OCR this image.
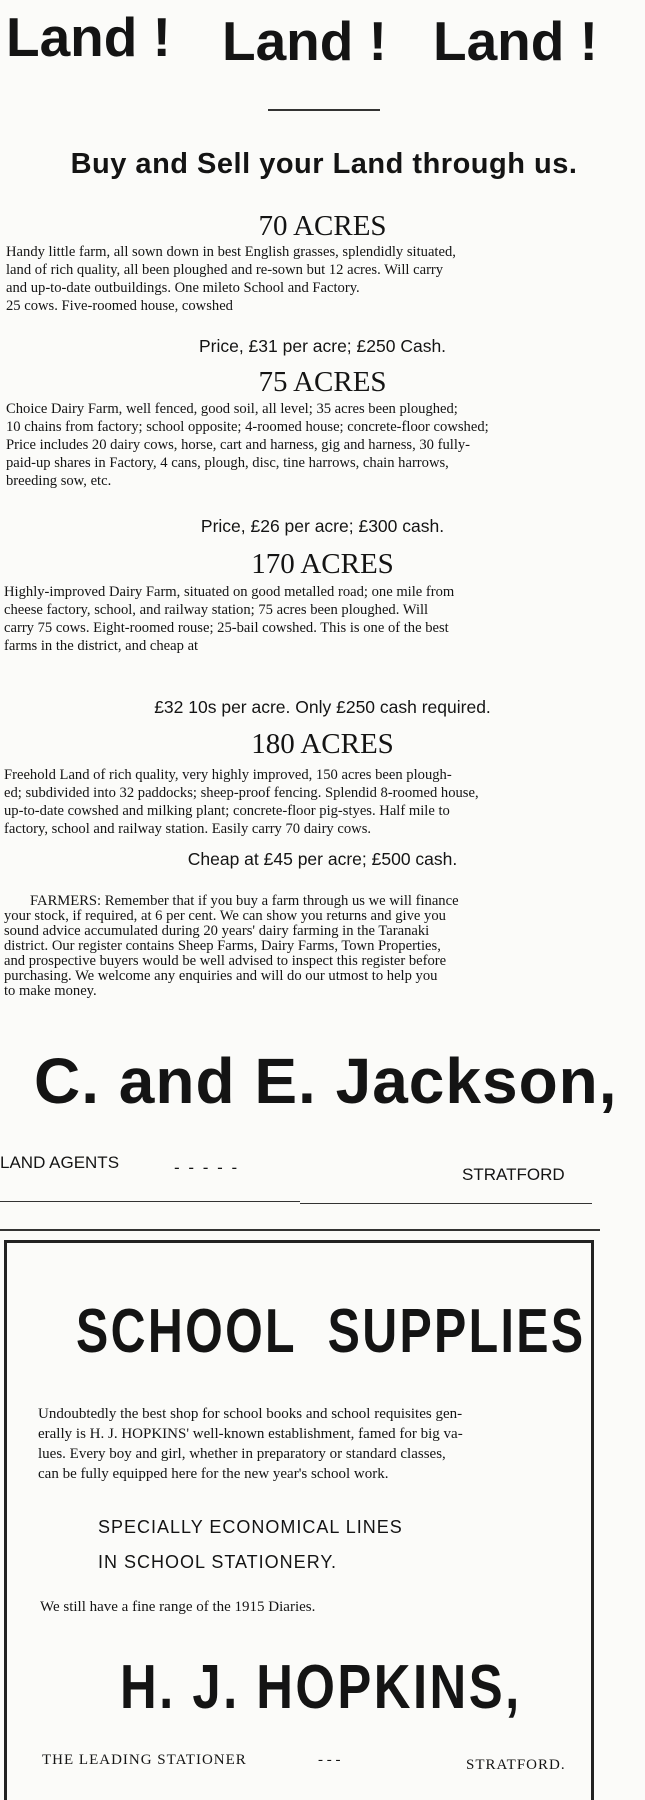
Land ! Land ! Land !
Buy and Sell your Land through us.
70 ACRES
Handy little farm, all sown down in best English grasses, splendidly situated,
land of rich quality, all been ploughed and re-sown but 12 acres. Will carry
and up-to-date outbuildings. One mileto School and Factory.
25 cows. Five-roomed house, cowshed
Price, £31 per acre; £250 Cash.
75 ACRES
Choice Dairy Farm, well fenced, good soil, all level; 35 acres been ploughed;
10 chains from factory; school opposite; 4-roomed house; concrete-floor cowshed;
Price includes 20 dairy cows, horse, cart and harness, gig and harness, 30 fully-
paid-up shares in Factory, 4 cans, plough, disc, tine harrows, chain harrows,
breeding sow, etc.
Price, £26 per acre; £300 cash.
170 ACRES
Highly-improved Dairy Farm, situated on good metalled road; one mile from
cheese factory, school, and railway station; 75 acres been ploughed. Will
carry 75 cows. Eight-roomed rouse; 25-bail cowshed. This is one of the best
farms in the district, and cheap at
£32 10s per acre. Only £250 cash required.
180 ACRES
Freehold Land of rich quality, very highly improved, 150 acres been plough-
ed; subdivided into 32 paddocks; sheep-proof fencing. Splendid 8-roomed house,
up-to-date cowshed and milking plant; concrete-floor pig-styes. Half mile to
factory, school and railway station. Easily carry 70 dairy cows.
Cheap at £45 per acre; £500 cash.
FARMERS: Remember that if you buy a farm through us we will finance
your stock, if required, at 6 per cent. We can show you returns and give you
sound advice accumulated during 20 years' dairy farming in the Taranaki
district. Our register contains Sheep Farms, Dairy Farms, Town Properties,
and prospective buyers would be well advised to inspect this register before
purchasing. We welcome any enquiries and will do our utmost to help you
to make money.
C. and E. Jackson,
LAND AGENTS	- - - - -	STRATFORD
SCHOOL  SUPPLIES
Undoubtedly the best shop for school books and school requisites gen-
erally is H. J. HOPKINS' well-known establishment, famed for big va-
lues. Every boy and girl, whether in preparatory or standard classes,
can be fully equipped here for the new year's school work.
SPECIALLY ECONOMICAL LINES
IN SCHOOL STATIONERY.
We still have a fine range of the 1915 Diaries.
H. J. HOPKINS,
THE LEADING STATIONER	- - -	STRATFORD.
